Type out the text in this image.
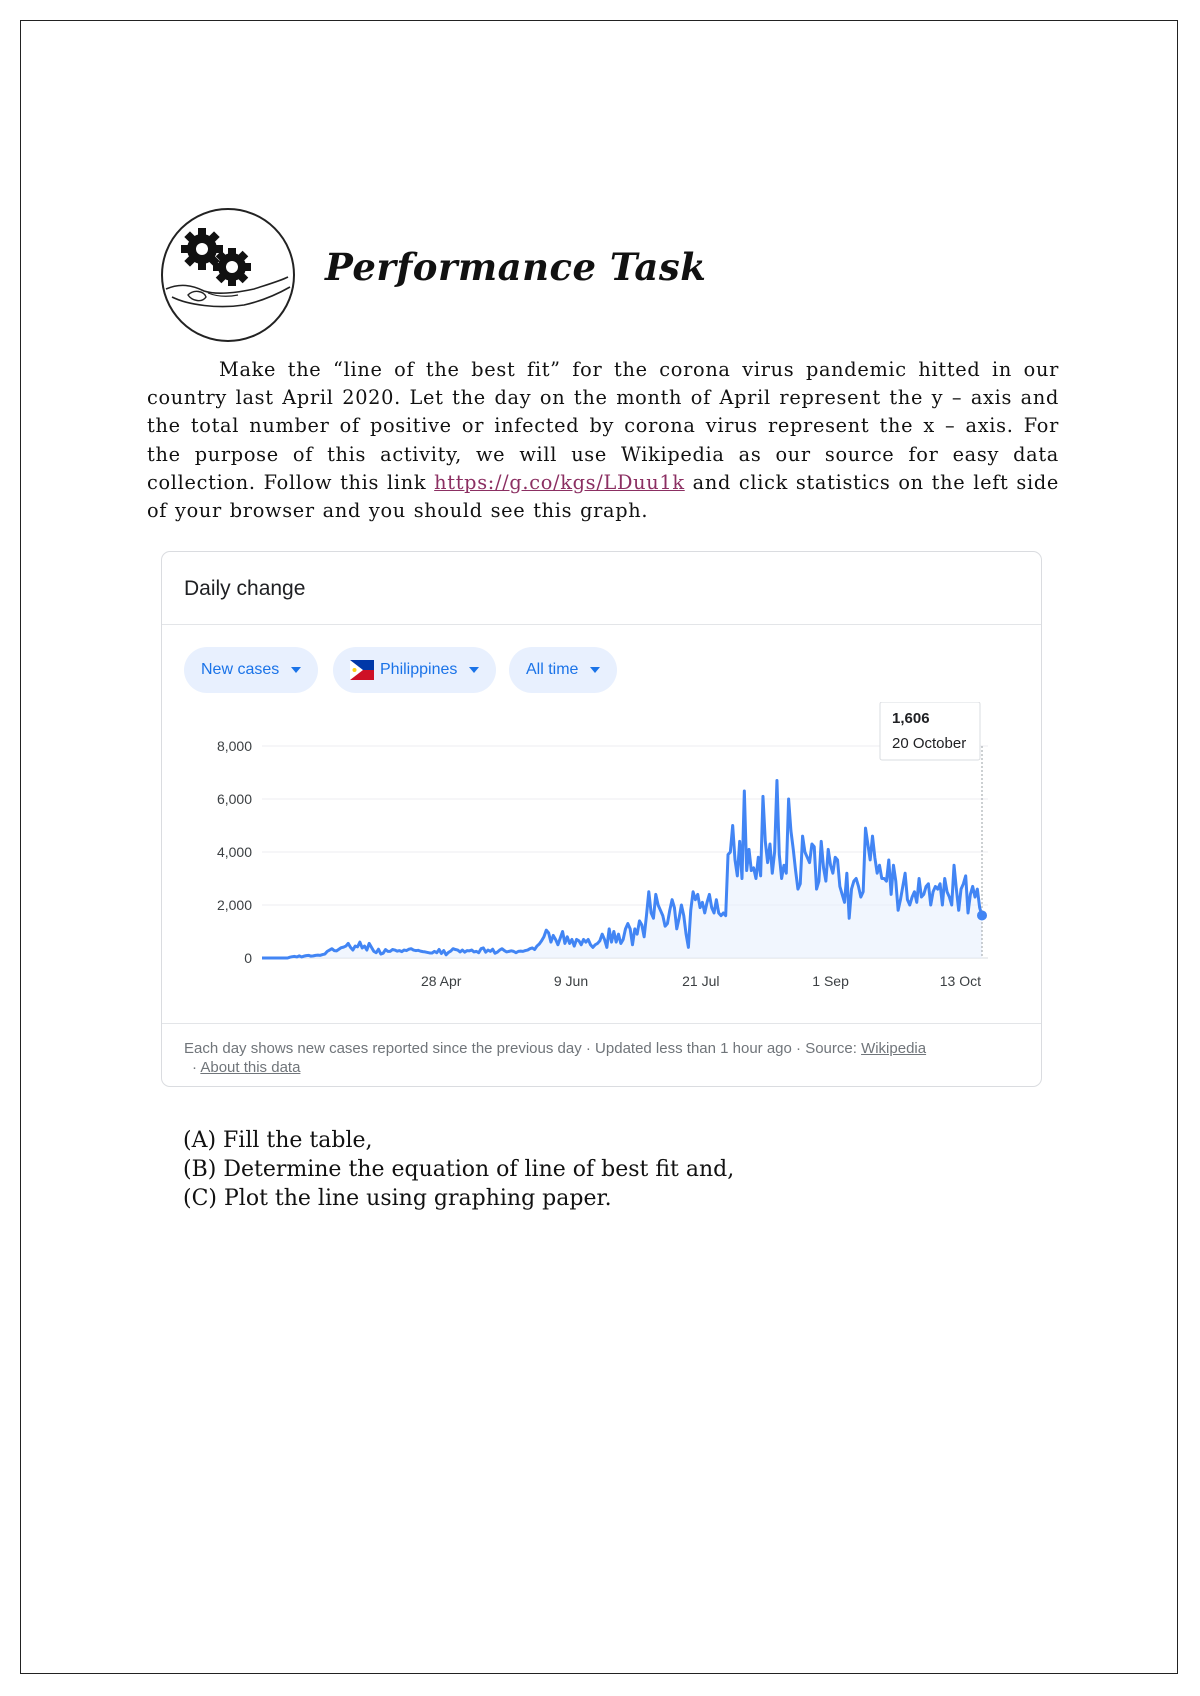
Performance Task
Make the “line of the best fit” for the corona virus pandemic hitted in our country last April 2020. Let the day on the month of April represent the y – axis and the total number of positive or infected by corona virus represent the x – axis. For the purpose of this activity, we will use Wikipedia as our source for easy data collection. Follow this link https://g.co/kgs/LDuu1k and click statistics on the left side of your browser and you should see this graph.
Daily change
New cases	Philippines	All time
0
2,000
4,000
6,000
8,000
28 Apr	9 Jun	21 Jul	1 Sep	13 Oct
1,606
20 October
Each day shows new cases reported since the previous day · Updated less than 1 hour ago · Source: Wikipedia
· About this data
(A) Fill the table,
(B) Determine the equation of line of best fit and,
(C) Plot the line using graphing paper.
